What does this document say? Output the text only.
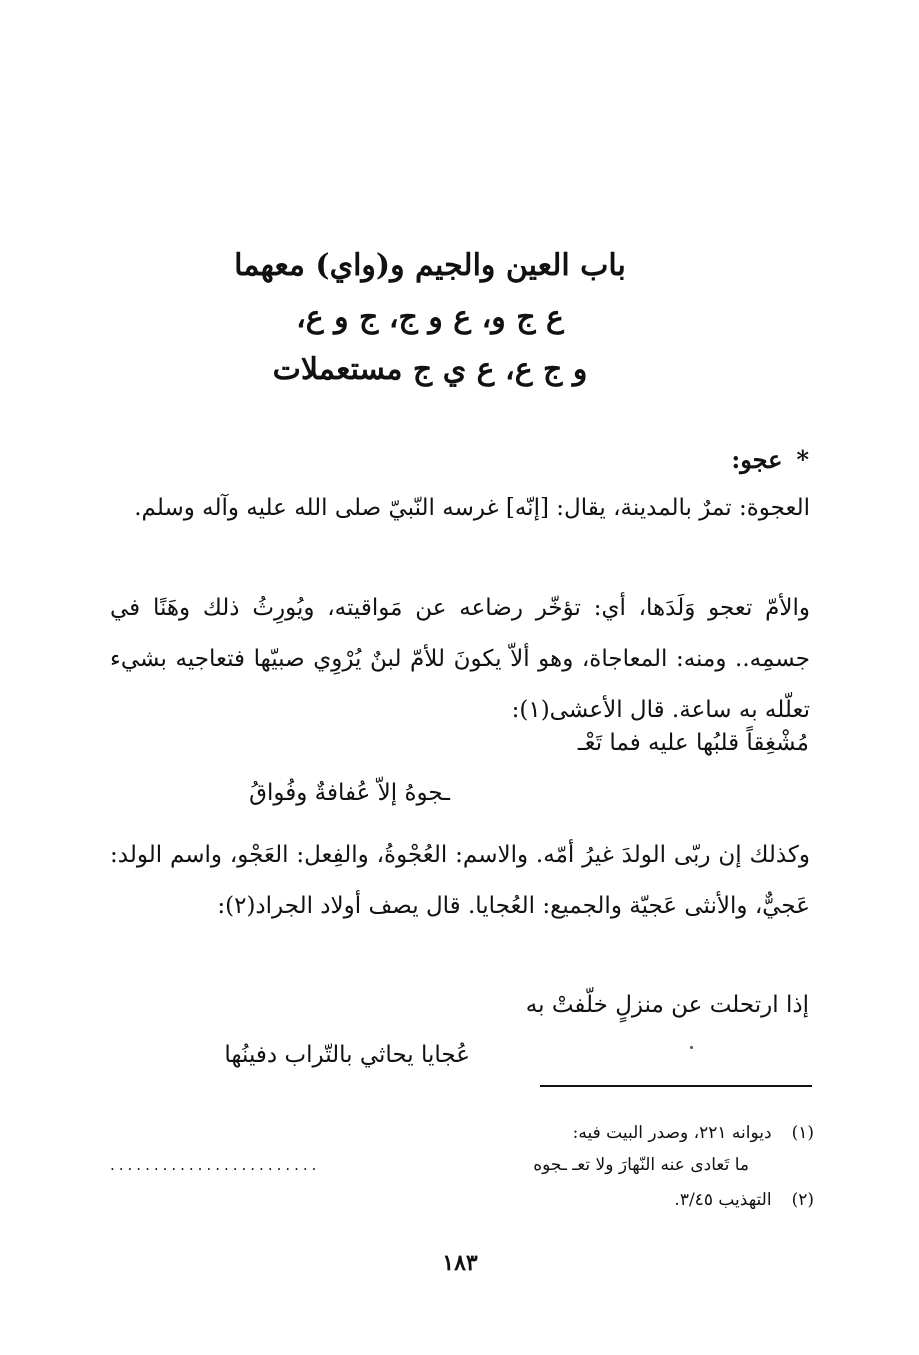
باب العين والجيم و(واي) معهما
ع ج و، ع و ج، ج و ع،
و ج ع، ع ي ج مستعملات
*عجو:
العجوة: تمرٌ بالمدينة، يقال: [إنّه] غرسه النّبيّ صلى الله عليه وآله وسلم.
والأمّ تعجو وَلَدَها، أي: تؤخّر رضاعه عن مَواقيته، ويُورِثُ ذلك وهَنًا في جسمِه.. ومنه: المعاجاة، وهو ألاّ يكونَ للأمّ لبنٌ يُرْوِي صبيّها فتعاجيه بشيء تعلّله به ساعة. قال الأعشى(١):
مُشْغِقاً قلبُها عليه فما تَعْـ
ـجوهُ إلاّ عُفافةٌ وفُواقُ
وكذلك إن ربّى الولدَ غيرُ أمّه. والاسم: العُجْوةُ، والفِعل: العَجْو، واسم الولد: عَجيٌّ، والأنثى عَجيّة والجميع: العُجايا. قال يصف أولاد الجراد(٢):
إذا ارتحلت عن منزلٍ خلّفتْ به
عُجايا يحاثي بالتّراب دفينُها
(١)ديوانه ٢٢١، وصدر البيت فيه:
ما تَعادى عنه النّهارَ ولا تعـ ـجوه
........................
(٢)التهذيب ٣/٤٥.
١٨٣
